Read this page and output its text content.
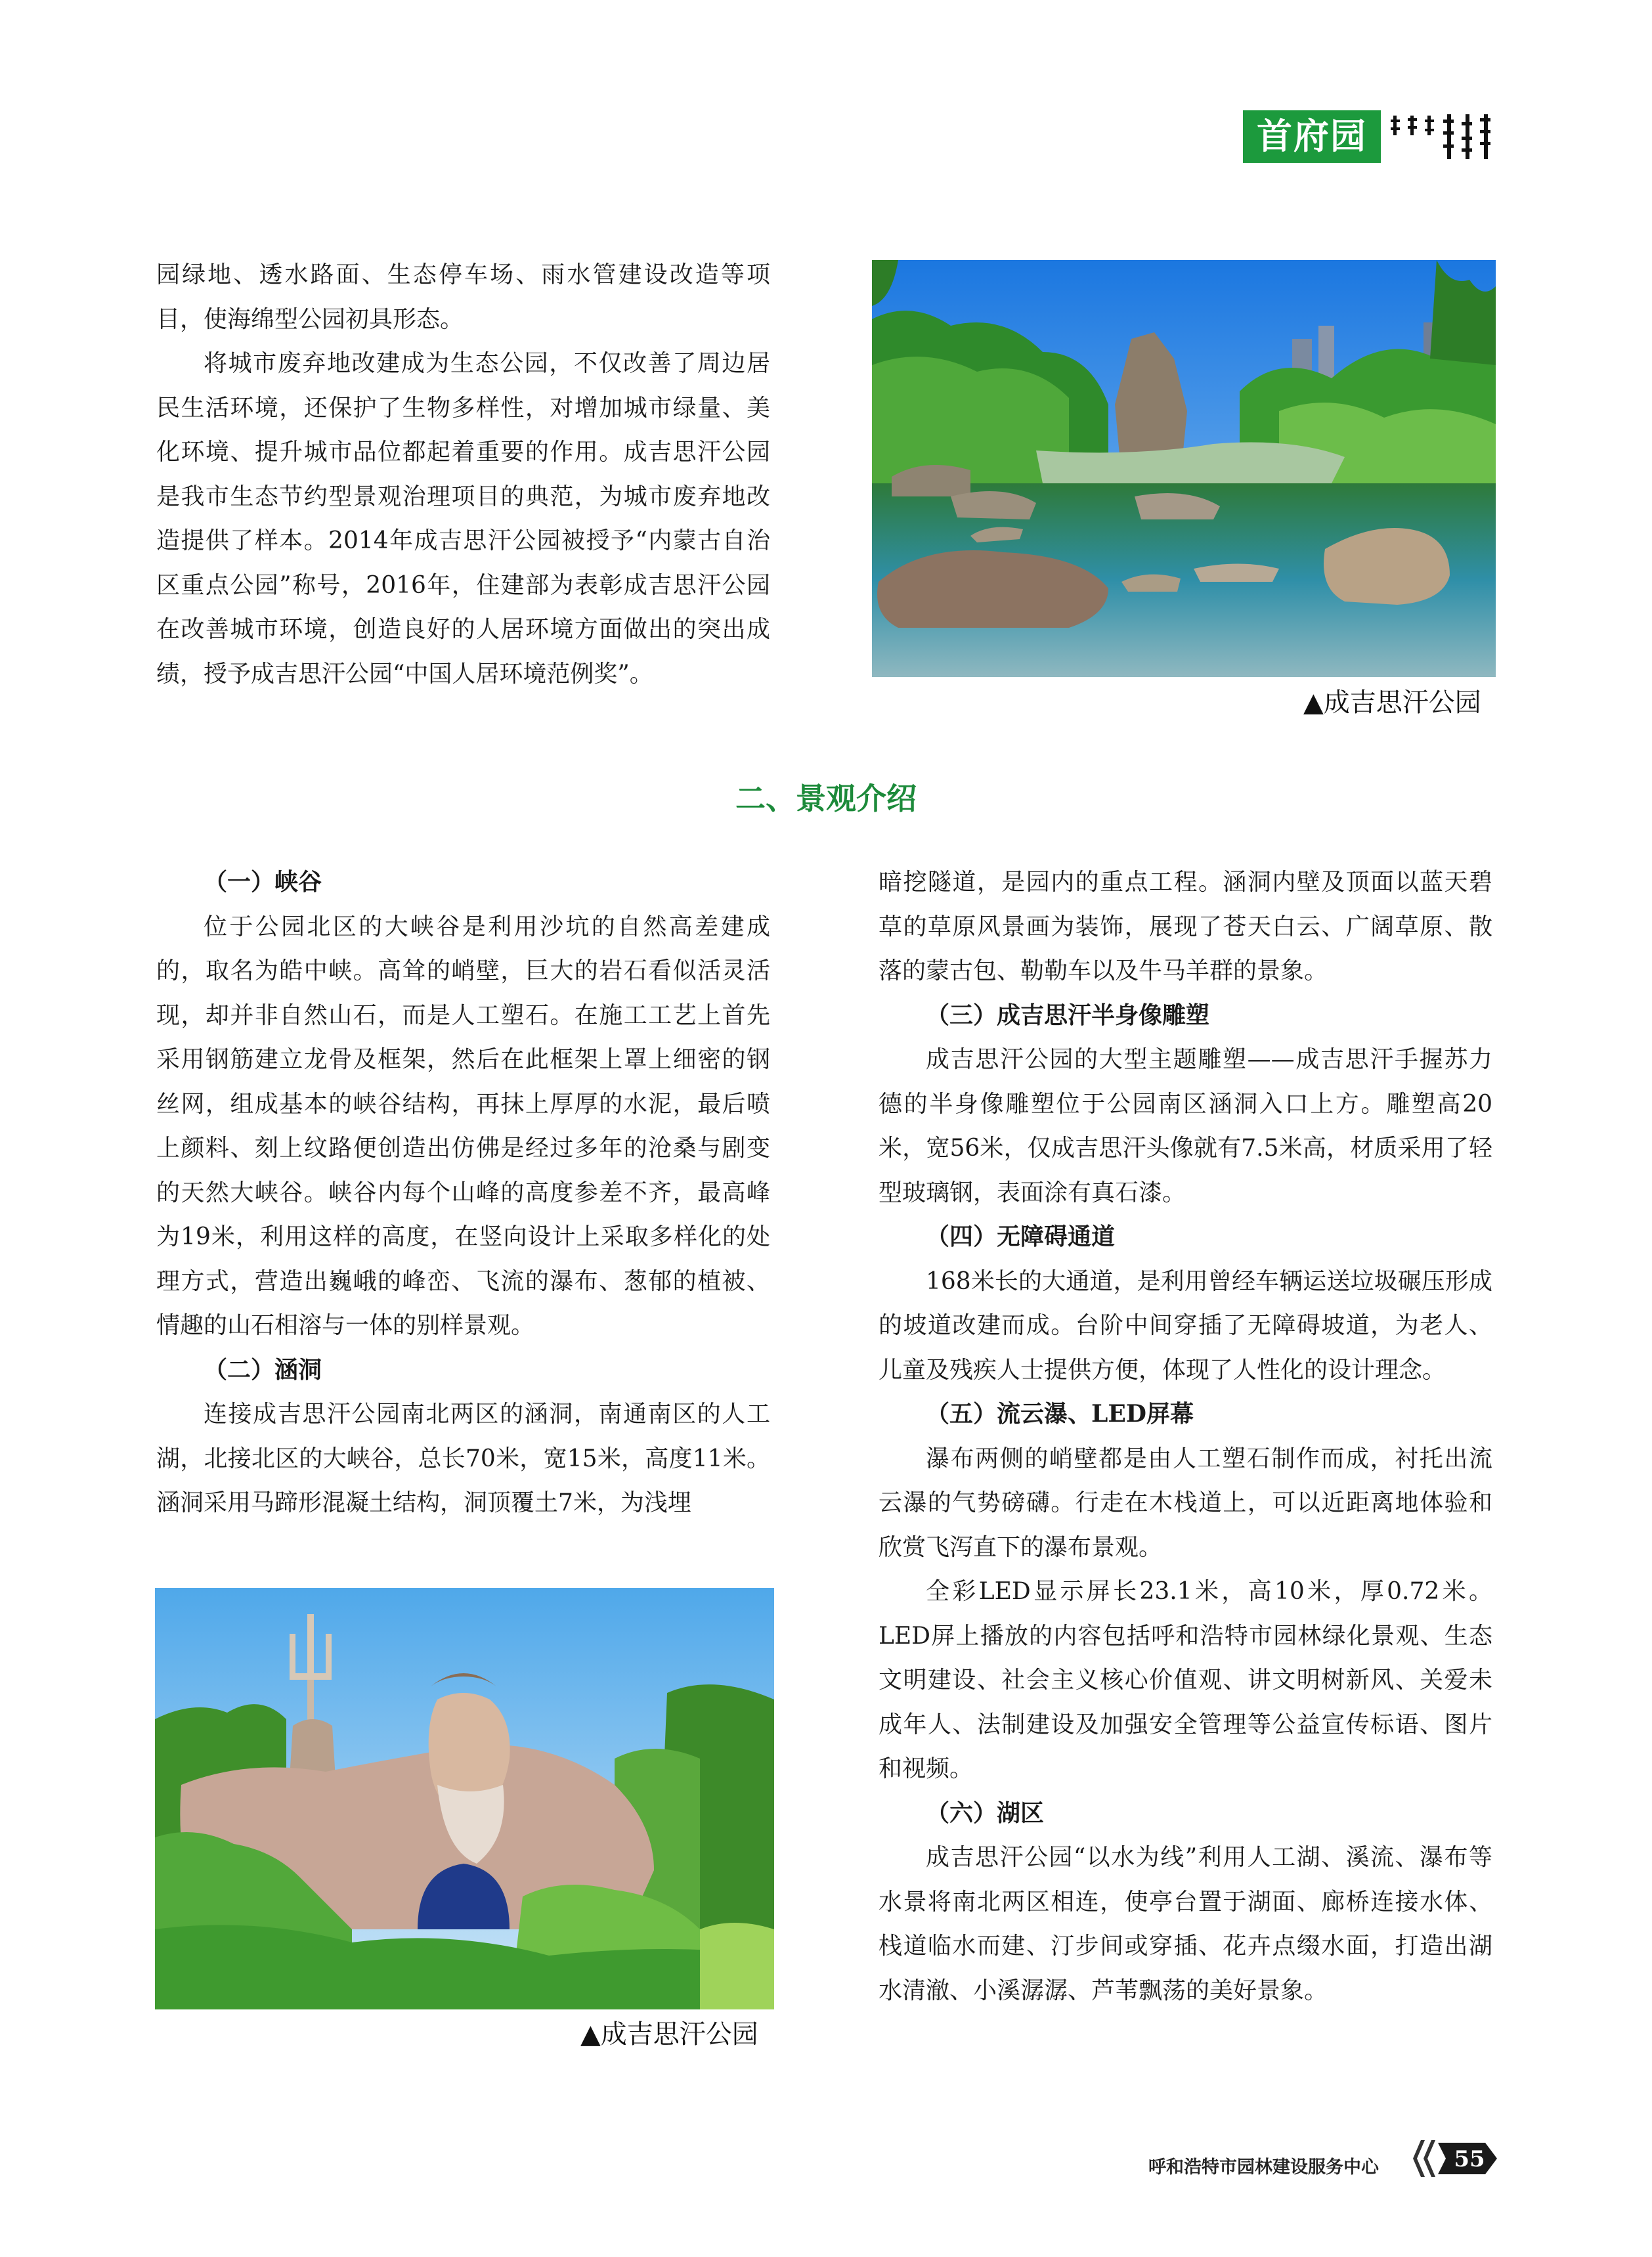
首府园林

园绿地、透水路面、生态停车场、雨水管建设改造等项目，使海绵型公园初具形态。

将城市废弃地改建成为生态公园，不仅改善了周边居民生活环境，还保护了生物多样性，对增加城市绿量、美化环境、提升城市品位都起着重要的作用。成吉思汗公园是我市生态节约型景观治理项目的典范，为城市废弃地改造提供了样本。2014年成吉思汗公园被授予“内蒙古自治区重点公园”称号，2016年，住建部为表彰成吉思汗公园在改善城市环境，创造良好的人居环境方面做出的突出成绩，授予成吉思汗公园“中国人居环境范例奖”。

▲成吉思汗公园
二、景观介绍

（一）峡谷

位于公园北区的大峡谷是利用沙坑的自然高差建成的，取名为皓中峡。高耸的峭壁，巨大的岩石看似活灵活现，却并非自然山石，而是人工塑石。在施工工艺上首先采用钢筋建立龙骨及框架，然后在此框架上罩上细密的钢丝网，组成基本的峡谷结构，再抹上厚厚的水泥，最后喷上颜料、刻上纹路便创造出仿佛是经过多年的沧桑与剧变的天然大峡谷。峡谷内每个山峰的高度参差不齐，最高峰为19米，利用这样的高度，在竖向设计上采取多样化的处理方式，营造出巍峨的峰峦、飞流的瀑布、葱郁的植被、情趣的山石相溶与一体的别样景观。

（二）涵洞

连接成吉思汗公园南北两区的涵洞，南通南区的人工湖，北接北区的大峡谷，总长70米，宽15米，高度11米。涵洞采用马蹄形混凝土结构，洞顶覆土7米，为浅埋

▲成吉思汗公园

暗挖隧道，是园内的重点工程。涵洞内壁及顶面以蓝天碧草的草原风景画为装饰，展现了苍天白云、广阔草原、散落的蒙古包、勒勒车以及牛马羊群的景象。

（三）成吉思汗半身像雕塑

成吉思汗公园的大型主题雕塑——成吉思汗手握苏力德的半身像雕塑位于公园南区涵洞入口上方。雕塑高20米，宽56米，仅成吉思汗头像就有7.5米高，材质采用了轻型玻璃钢，表面涂有真石漆。

（四）无障碍通道

168米长的大通道，是利用曾经车辆运送垃圾碾压形成的坡道改建而成。台阶中间穿插了无障碍坡道，为老人、儿童及残疾人士提供方便，体现了人性化的设计理念。

（五）流云瀑、LED屏幕

瀑布两侧的峭壁都是由人工塑石制作而成，衬托出流云瀑的气势磅礴。行走在木栈道上，可以近距离地体验和欣赏飞泻直下的瀑布景观。

全彩LED显示屏长23.1米，高10米，厚0.72米。LED屏上播放的内容包括呼和浩特市园林绿化景观、生态文明建设、社会主义核心价值观、讲文明树新风、关爱未成年人、法制建设及加强安全管理等公益宣传标语、图片和视频。

（六）湖区

成吉思汗公园“以水为线”利用人工湖、溪流、瀑布等水景将南北两区相连，使亭台置于湖面、廊桥连接水体、栈道临水而建、汀步间或穿插、花卉点缀水面，打造出湖水清澈、小溪潺潺、芦苇飘荡的美好景象。

呼和浩特市园林建设服务中心	55
